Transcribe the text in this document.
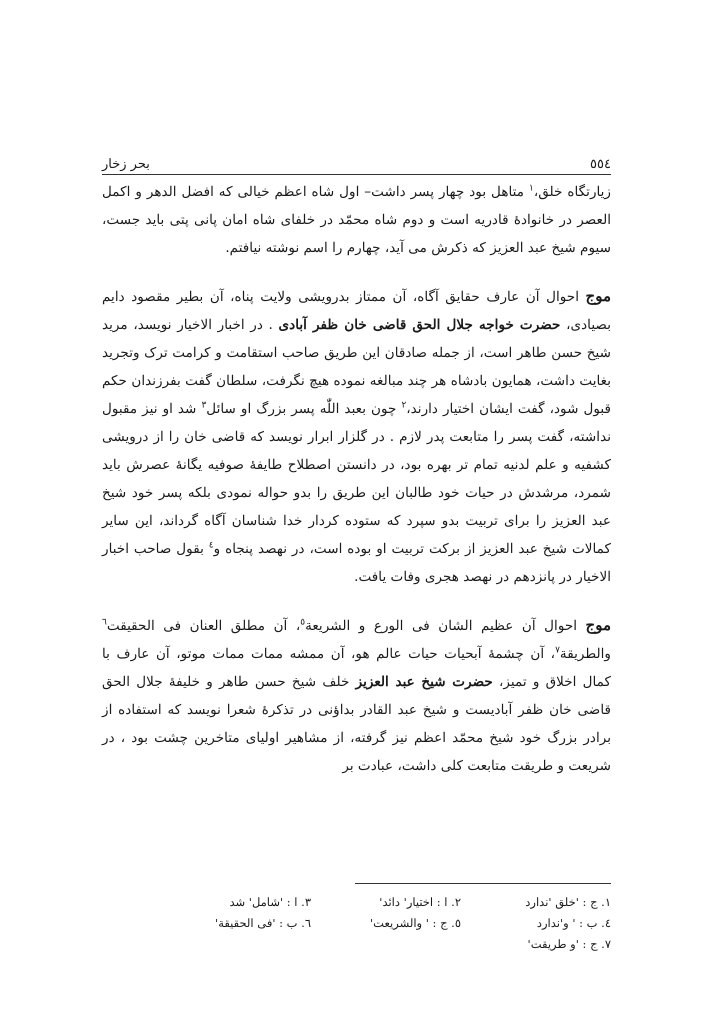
٥٥٤
بحر زخار

زیارتگاه خلق،$^١$ متاهل بود چهار پسر داشت– اول شاه اعظم خیالی که افضل الدهر و اکمل العصر در خانوادهٔ قادریه است و دوم شاه محمّد در خلفای شاه امان پانی پتی باید جست، سیوم شیخ عبد العزیز که ذکرش می آید، چهارم را اسم نوشته نیافتم.

موج احوال آن عارف حقایق آگاه، آن ممتاز بدرویشی ولایت پناه، آن بطیر مقصود دایم بصیادی، حضرت خواجه جلال الحق قاضی خان ظفر آبادی . در اخبار الاخیار نویسد، مرید شیخ حسن طاهر است، از جمله صادقان این طریق صاحب استقامت و کرامت ترک وتجرید بغایت داشت، همایون بادشاه هر چند مبالغه نموده هیچ نگرفت، سلطان گفت بفرزندان حکم قبول شود، گفت ایشان اختیار دارند،$^٢$ چون بعبد اللّٰه پسر بزرگ او سائل$^٣$ شد او نیز مقبول نداشته، گفت پسر را متابعت پدر لازم . در گلزار ابرار نویسد که قاضی خان را از درویشی کشفیه و علم لدنیه تمام تر بهره بود، در دانستن اصطلاح طایفهٔ صوفیه یگانهٔ عصرش باید شمرد، مرشدش در حیات خود طالبان این طریق را بدو حواله نمودی بلکه پسر خود شیخ عبد العزیز را برای تربیت بدو سپرد که ستوده کردار خدا شناسان آگاه گرداند، این سایر کمالات شیخ عبد العزیز از برکت تربیت او بوده است، در نهصد پنجاه و$^٤$ بقول صاحب اخبار الاخیار در پانزدهم در نهصد هجری وفات یافت.

موج احوال آن عظیم الشان فی الورع و الشریعة$^٥$، آن مطلق العنان فی الحقیقت$^٦$ والطریقة$^٧$، آن چشمهٔ آبحیات حیات عالم هو، آن ممشه ممات ممات موتو، آن عارف با کمال اخلاق و تمیز، حضرت شیخ عبد العزیز خلف شیخ حسن طاهر و خلیفهٔ جلال الحق قاضی خان ظفر آبادیست و شیخ عبد القادر بداؤنی در تذکرهٔ شعرا نویسد که استفاده از برادر بزرگ خود شیخ محمّد اعظم نیز گرفته، از مشاهیر اولیای متاخرین چشت بود ، در شریعت و طریقت متابعت کلی داشت، عبادت بر

١. ج : 'خلق 'ندارد
٢. ا : اختیار' دائد'
٣. ا : 'شامل' شد
٤. ب : ' و'ندارد
٥. ج : ' والشریعت'
٦. ب : 'فی الحقیقة'
٧. ج : 'و طریقت'
